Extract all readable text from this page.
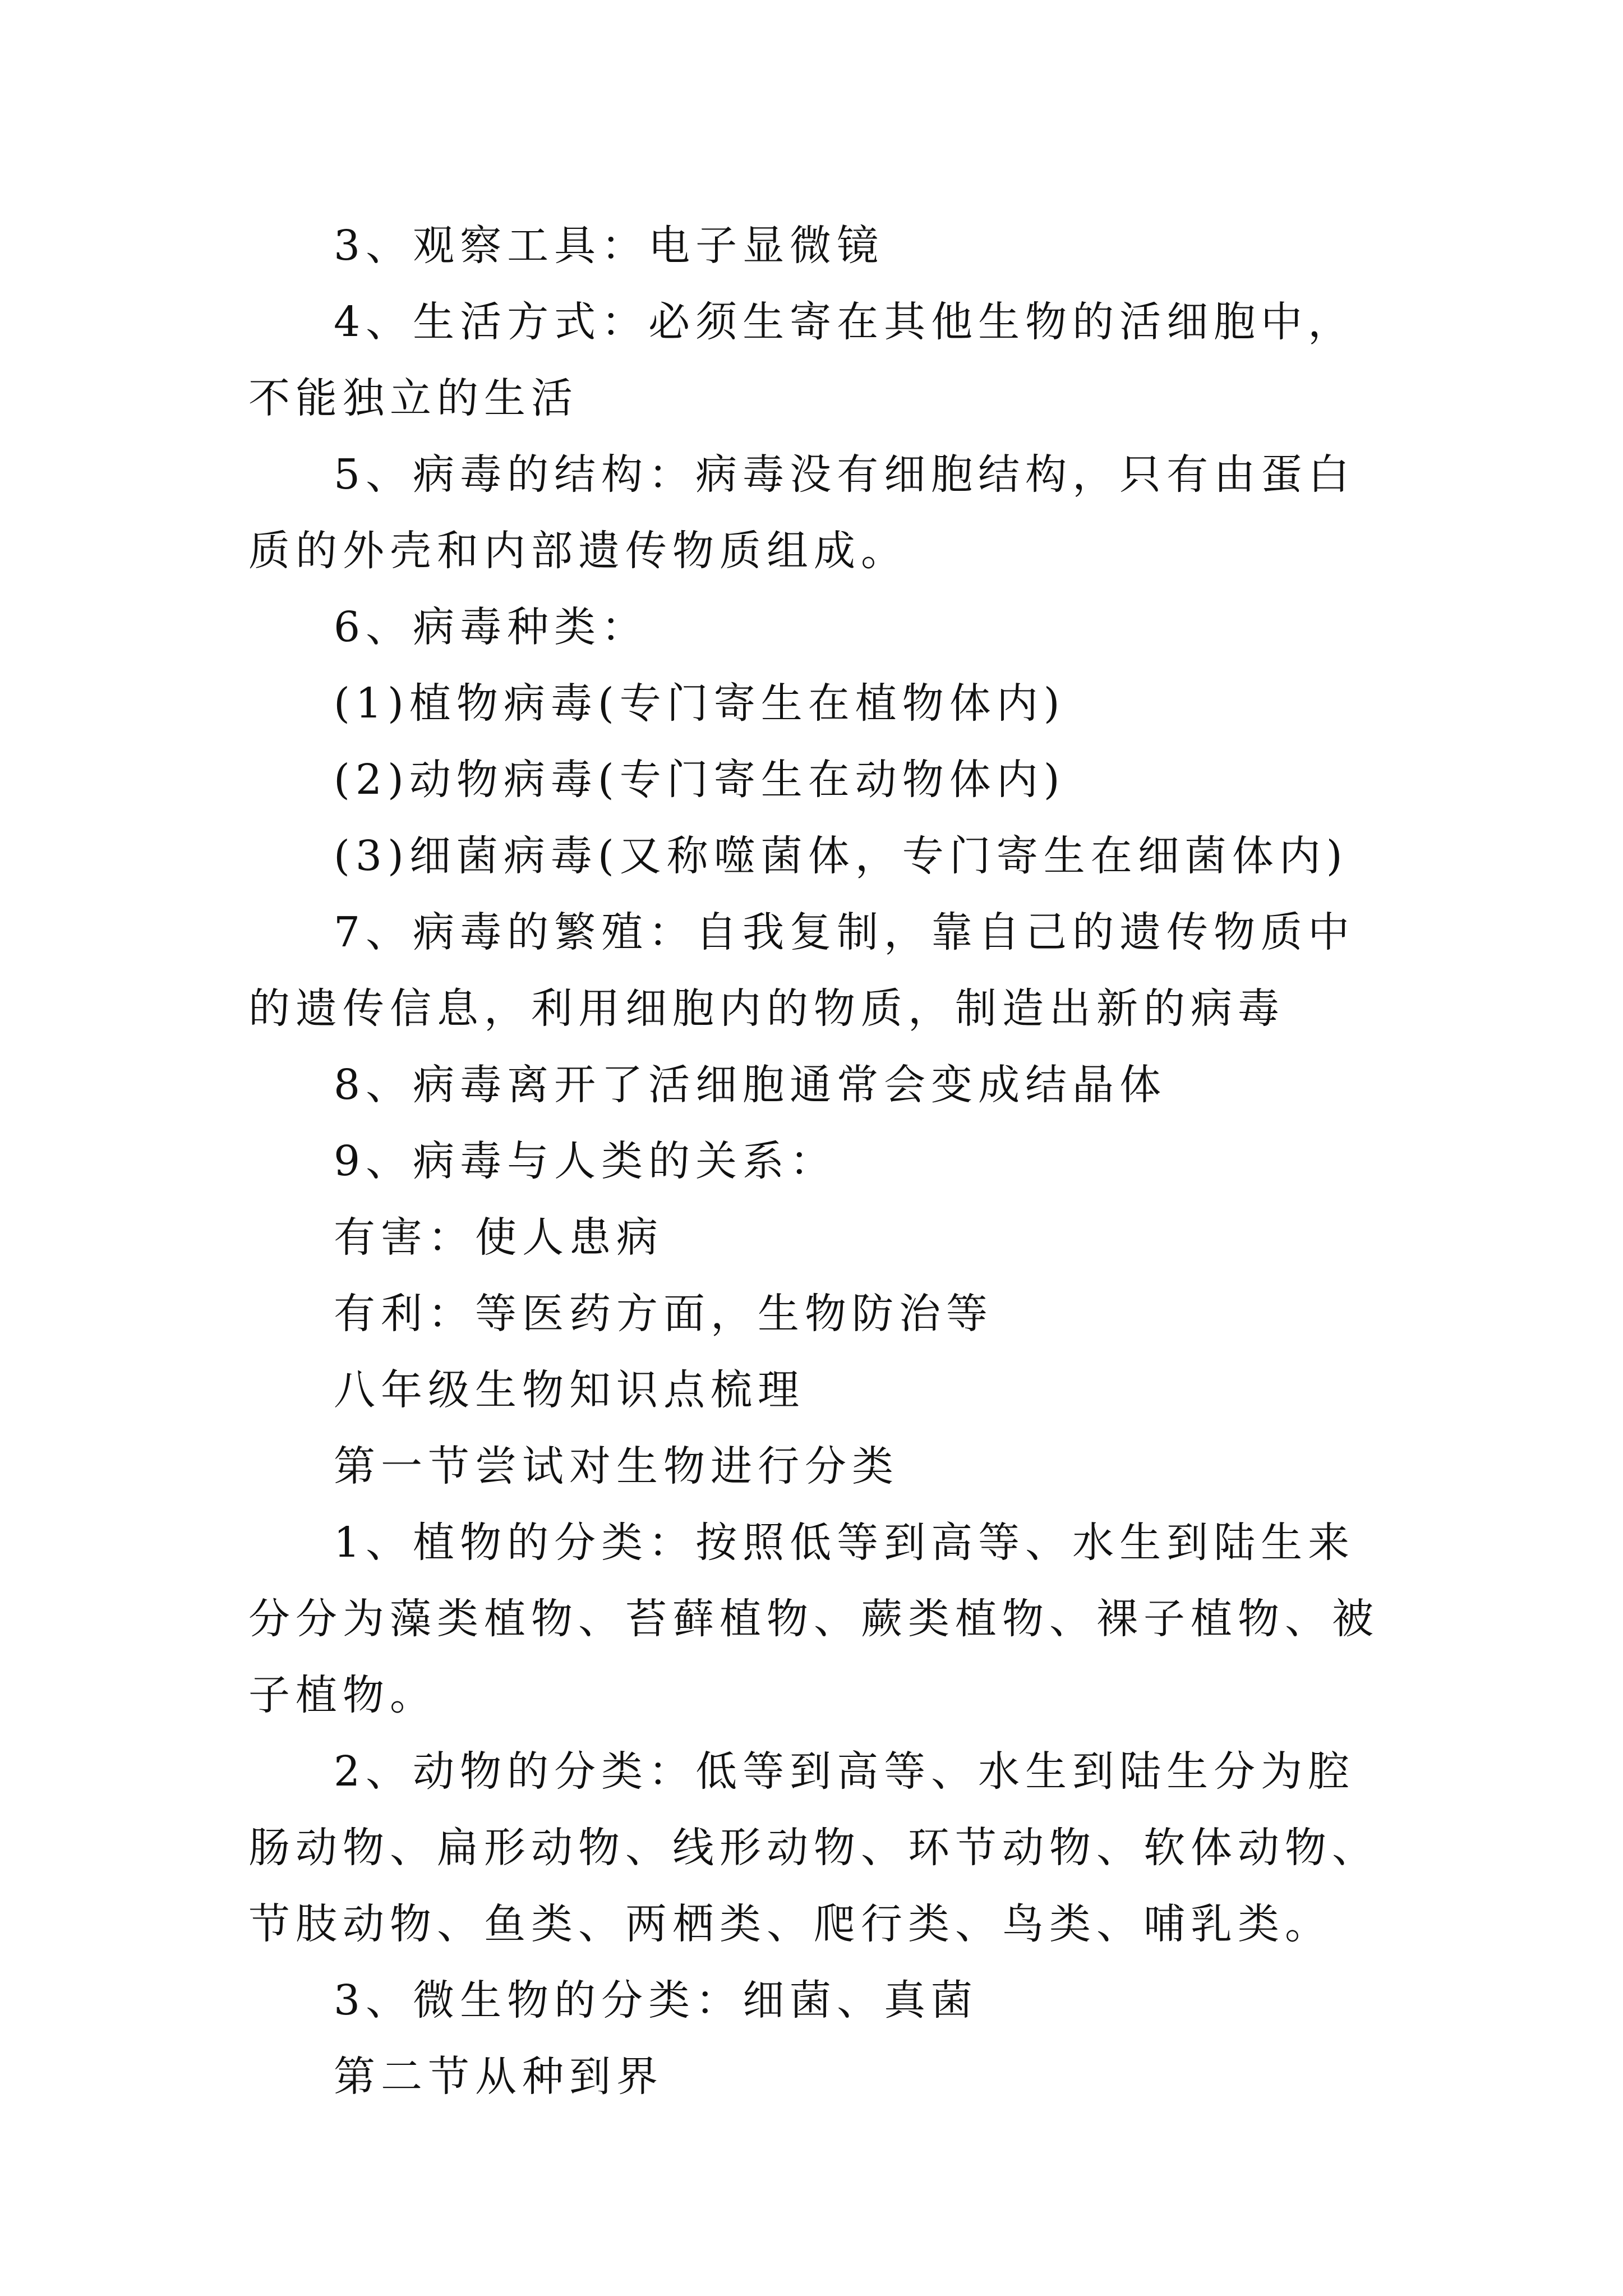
3、观察工具：电子显微镜

4、生活方式：必须生寄在其他生物的活细胞中，不能独立的生活

5、病毒的结构：病毒没有细胞结构，只有由蛋白质的外壳和内部遗传物质组成。

6、病毒种类：

(1)植物病毒(专门寄生在植物体内)

(2)动物病毒(专门寄生在动物体内)

(3)细菌病毒(又称噬菌体，专门寄生在细菌体内)

7、病毒的繁殖：自我复制，靠自己的遗传物质中的遗传信息，利用细胞内的物质，制造出新的病毒

8、病毒离开了活细胞通常会变成结晶体

9、病毒与人类的关系：

有害：使人患病

有利：等医药方面，生物防治等

八年级生物知识点梳理

第一节尝试对生物进行分类

1、植物的分类：按照低等到高等、水生到陆生来分分为藻类植物、苔藓植物、蕨类植物、裸子植物、被子植物。

2、动物的分类：低等到高等、水生到陆生分为腔肠动物、扁形动物、线形动物、环节动物、软体动物、节肢动物、鱼类、两栖类、爬行类、鸟类、哺乳类。

3、微生物的分类：细菌、真菌

第二节从种到界
